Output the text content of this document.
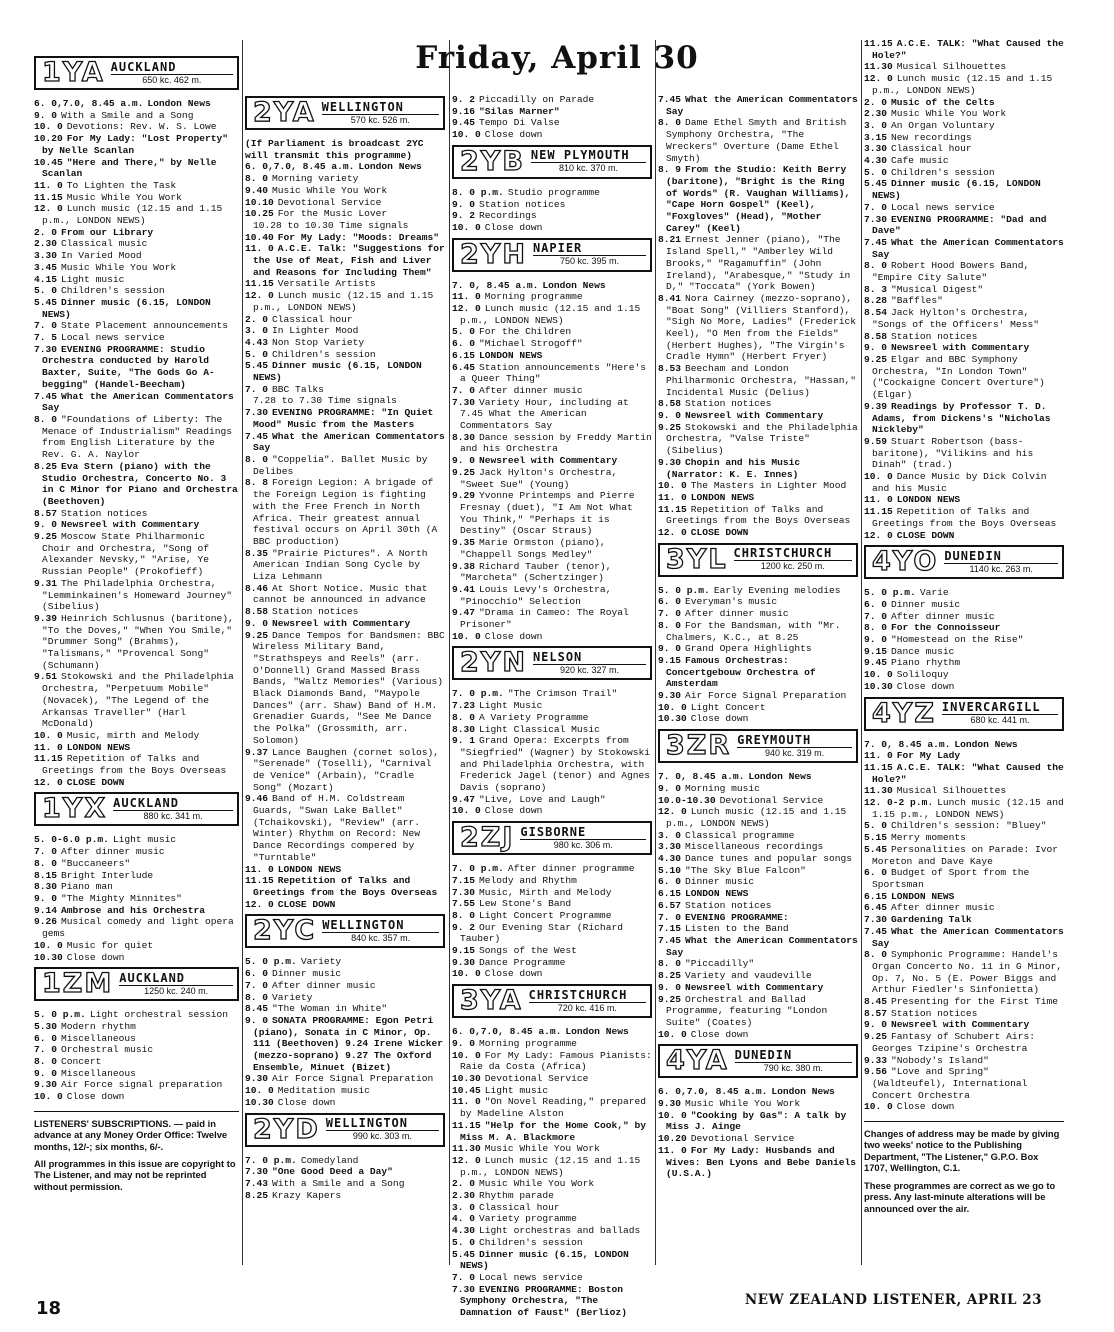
Friday, April 30
1YA AUCKLAND
650 kc. 462 m.
6. 0,7.0, 8.45 a.m. London News
9. 0 With a Smile and a Song
10. 0 Devotions: Rev. W. S. Lowe
10.20 For My Lady: "Lost Property" by Nelle Scanlan
10.45 "Here and There," by Nelle Scanlan
11. 0 To Lighten the Task
11.15 Music While You Work
12. 0 Lunch music (12.15 and 1.15 p.m., LONDON NEWS)
2. 0 From our Library
2.30 Classical music
3.30 In Varied Mood
3.45 Music While You Work
4.15 Light music
5. 0 Children's session
5.45 Dinner music (6.15, LONDON NEWS)
7. 0 State Placement announcements
7. 5 Local news service
7.30 EVENING PROGRAMME: Studio Orchestra conducted by Harold Baxter, Suite, "The Gods Go A-begging" (Handel-Beecham)
7.45 What the American Commentators Say
8. 0 "Foundations of Liberty: The Menace of Industrialism" Readings from English Literature by the Rev. G. A. Naylor
8.25 Eva Stern (piano) with the Studio Orchestra, Concerto No. 3 in C Minor for Piano and Orchestra (Beethoven)
8.57 Station notices
9. 0 Newsreel with Commentary
9.25 Moscow State Philharmonic Choir and Orchestra, "Song of Alexander Nevsky," "Arise, Ye Russian People" (Prokofieff)
9.31 The Philadelphia Orchestra, "Lemminkainen's Homeward Journey" (Sibelius)
9.39 Heinrich Schlusnus (baritone), "To the Doves," "When You Smile," "Drummer Song" (Brahms), "Talismans," "Provencal Song" (Schumann)
9.51 Stokowski and the Philadelphia Orchestra, "Perpetuum Mobile" (Novacek), "The Legend of the Arkansas Traveller" (Harl McDonald)
10. 0 Music, mirth and Melody
11. 0 LONDON NEWS
11.15 Repetition of Talks and Greetings from the Boys Overseas
12. 0 CLOSE DOWN
1YX AUCKLAND
880 kc. 341 m.
5. 0-6.0 p.m. Light music
7. 0 After dinner music
8. 0 "Buccaneers"
8.15 Bright Interlude
8.30 Piano man
9. 0 "The Mighty Minnites"
9.14 Ambrose and his Orchestra
9.26 Musical comedy and light opera gems
10. 0 Music for quiet
10.30 Close down
1ZM AUCKLAND
1250 kc. 240 m.
5. 0 p.m. Light orchestral session
5.30 Modern rhythm
6. 0 Miscellaneous
7. 0 Orchestral music
8. 0 Concert
9. 0 Miscellaneous
9.30 Air Force signal preparation
10. 0 Close down
LISTENERS' SUBSCRIPTIONS. — paid in advance at any Money Order Office: Twelve months, 12/-; six months, 6/-.
All programmes in this issue are copyright to The Listener, and may not be reprinted without permission.
2YA WELLINGTON
570 kc. 526 m.
(If Parliament is broadcast 2YC will transmit this programme)
6. 0,7.0, 8.45 a.m. London News
8. 0 Morning variety
9.40 Music While You Work
10.10 Devotional Service
10.25 For the Music Lover
10.28 to 10.30 Time signals
10.40 For My Lady: "Moods: Dreams"
11. 0 A.C.E. Talk: "Suggestions for the Use of Meat, Fish and Liver and Reasons for Including Them"
11.15 Versatile Artists
12. 0 Lunch music (12.15 and 1.15 p.m., LONDON NEWS)
2. 0 Classical hour
3. 0 In Lighter Mood
4.43 Non Stop Variety
5. 0 Children's session
5.45 Dinner music (6.15, LONDON NEWS)
7. 0 BBC Talks
7.28 to 7.30 Time signals
7.30 EVENING PROGRAMME: "In Quiet Mood" Music from the Masters
7.45 What the American Commentators Say
8. 0 "Coppelia". Ballet Music by Delibes
8. 8 Foreign Legion: A brigade of the Foreign Legion is fighting with the Free French in North Africa. Their greatest annual festival occurs on April 30th (A BBC production)
8.35 "Prairie Pictures". A North American Indian Song Cycle by Liza Lehmann
8.46 At Short Notice. Music that cannot be announced in advance
8.58 Station notices
9. 0 Newsreel with Commentary
9.25 Dance Tempos for Bandsmen: BBC Wireless Military Band, "Strathspeys and Reels" (arr. O'Donnell) Grand Massed Brass Bands, "Waltz Memories" (Various) Black Diamonds Band, "Maypole Dances" (arr. Shaw) Band of H.M. Grenadier Guards, "See Me Dance the Polka" (Grossmith, arr. Solomon)
9.37 Lance Baughen (cornet solos), "Serenade" (Toselli), "Carnival de Venice" (Arbain), "Cradle Song" (Mozart)
9.46 Band of H.M. Coldstream Guards, "Swan Lake Ballet" (Tchaikovski), "Review" (arr. Winter) Rhythm on Record: New Dance Recordings compered by "Turntable"
11. 0 LONDON NEWS
11.15 Repetition of Talks and Greetings from the Boys Overseas
12. 0 CLOSE DOWN
2YC WELLINGTON
840 kc. 357 m.
5. 0 p.m. Variety
6. 0 Dinner music
7. 0 After dinner music
8. 0 Variety
8.45 "The Woman in White"
9. 0 SONATA PROGRAMME: Egon Petri (piano), Sonata in C Minor, Op. 111 (Beethoven) 9.24 Irene Wicker (mezzo-soprano) 9.27 The Oxford Ensemble, Minuet (Bizet)
9.30 Air Force Signal Preparation
10. 0 Meditation music
10.30 Close down
2YD WELLINGTON
990 kc. 303 m.
7. 0 p.m. Comedyland
7.30 "One Good Deed a Day"
7.43 With a Smile and a Song
8.25 Krazy Kapers
9. 2 Piccadilly on Parade
9.16 "Silas Marner"
9.45 Tempo Di Valse
10. 0 Close down
2YB NEW PLYMOUTH
810 kc. 370 m.
8. 0 p.m. Studio programme
9. 0 Station notices
9. 2 Recordings
10. 0 Close down
2YH NAPIER
750 kc. 395 m.
7. 0, 8.45 a.m. London News
11. 0 Morning programme
12. 0 Lunch music (12.15 and 1.15 p.m., LONDON NEWS)
5. 0 For the Children
6. 0 "Michael Strogoff"
6.15 LONDON NEWS
6.45 Station announcements "Here's a Queer Thing"
7. 0 After dinner music
7.30 Variety Hour, including at 7.45 What the American Commentators Say
8.30 Dance session by Freddy Martin and his Orchestra
9. 0 Newsreel with Commentary
9.25 Jack Hylton's Orchestra, "Sweet Sue" (Young)
9.29 Yvonne Printemps and Pierre Fresnay (duet), "I Am Not What You Think," "Perhaps it is Destiny" (Oscar Straus)
9.35 Marie Ormston (piano), "Chappell Songs Medley"
9.38 Richard Tauber (tenor), "Marcheta" (Schertzinger)
9.41 Louis Levy's Orchestra, "Pinocchio" Selection
9.47 "Drama in Cameo: The Royal Prisoner"
10. 0 Close down
2YN NELSON
920 kc. 327 m.
7. 0 p.m. "The Crimson Trail"
7.23 Light Music
8. 0 A Variety Programme
8.30 Light Classical Music
9. 1 Grand Opera: Excerpts from "Siegfried" (Wagner) by Stokowski and Philadelphia Orchestra, with Frederick Jagel (tenor) and Agnes Davis (soprano)
9.47 "Live, Love and Laugh"
10. 0 Close down
2ZJ GISBORNE
980 kc. 306 m.
7. 0 p.m. After dinner programme
7.15 Melody and Rhythm
7.30 Music, Mirth and Melody
7.55 Lew Stone's Band
8. 0 Light Concert Programme
9. 2 Our Evening Star (Richard Tauber)
9.15 Songs of the West
9.30 Dance Programme
10. 0 Close down
3YA CHRISTCHURCH
720 kc. 416 m.
6. 0,7.0, 8.45 a.m. London News
9. 0 Morning programme
10. 0 For My Lady: Famous Pianists: Raie da Costa (Africa)
10.30 Devotional Service
10.45 Light music
11. 0 "On Novel Reading," prepared by Madeline Alston
11.15 "Help for the Home Cook," by Miss M. A. Blackmore
11.30 Music While You Work
12. 0 Lunch music (12.15 and 1.15 p.m., LONDON NEWS)
2. 0 Music While You Work
2.30 Rhythm parade
3. 0 Classical hour
4. 0 Variety programme
4.30 Light orchestras and ballads
5. 0 Children's session
5.45 Dinner music (6.15, LONDON NEWS)
7. 0 Local news service
7.30 EVENING PROGRAMME: Boston Symphony Orchestra, "The Damnation of Faust" (Berlioz)
7.45 What the American Commentators Say
8. 0 Dame Ethel Smyth and British Symphony Orchestra, "The Wreckers" Overture (Dame Ethel Smyth)
8. 9 From the Studio: Keith Berry (baritone), "Bright is the Ring of Words" (R. Vaughan Williams), "Cape Horn Gospel" (Keel), "Foxgloves" (Head), "Mother Carey" (Keel)
8.21 Ernest Jenner (piano), "The Island Spell," "Amberley Wild Brooks," "Ragamuffin" (John Ireland), "Arabesque," "Study in D," "Toccata" (York Bowen)
8.41 Nora Cairney (mezzo-soprano), "Boat Song" (Villiers Stanford), "Sigh No More, Ladies" (Frederick Keel), "O Men from the Fields" (Herbert Hughes), "The Virgin's Cradle Hymn" (Herbert Fryer)
8.53 Beecham and London Philharmonic Orchestra, "Hassan," Incidental Music (Delius)
8.58 Station notices
9. 0 Newsreel with Commentary
9.25 Stokowski and the Philadelphia Orchestra, "Valse Triste" (Sibelius)
9.30 Chopin and his Music (Narrator: K. E. Innes)
10. 0 The Masters in Lighter Mood
11. 0 LONDON NEWS
11.15 Repetition of Talks and Greetings from the Boys Overseas
12. 0 CLOSE DOWN
3YL CHRISTCHURCH
1200 kc. 250 m.
5. 0 p.m. Early Evening melodies
6. 0 Everyman's music
7. 0 After dinner music
8. 0 For the Bandsman, with "Mr. Chalmers, K.C., at 8.25
9. 0 Grand Opera Highlights
9.15 Famous Orchestras: Concertgebouw Orchestra of Amsterdam
9.30 Air Force Signal Preparation
10. 0 Light Concert
10.30 Close down
3ZR GREYMOUTH
940 kc. 319 m.
7. 0, 8.45 a.m. London News
9. 0 Morning music
10.0-10.30 Devotional Service
12. 0 Lunch music (12.15 and 1.15 p.m., LONDON NEWS)
3. 0 Classical programme
3.30 Miscellaneous recordings
4.30 Dance tunes and popular songs
5.10 "The Sky Blue Falcon"
6. 0 Dinner music
6.15 LONDON NEWS
6.57 Station notices
7. 0 EVENING PROGRAMME:
7.15 Listen to the Band
7.45 What the American Commentators Say
8. 0 "Piccadilly"
8.25 Variety and vaudeville
9. 0 Newsreel with Commentary
9.25 Orchestral and Ballad Programme, featuring "London Suite" (Coates)
10. 0 Close down
4YA DUNEDIN
790 kc. 380 m.
6. 0,7.0, 8.45 a.m. London News
9.30 Music While You Work
10. 0 "Cooking by Gas": A talk by Miss J. Ainge
10.20 Devotional Service
11. 0 For My Lady: Husbands and Wives: Ben Lyons and Bebe Daniels (U.S.A.)
11.15 A.C.E. TALK: "What Caused the Hole?"
11.30 Musical Silhouettes
12. 0 Lunch music (12.15 and 1.15 p.m., LONDON NEWS)
2. 0 Music of the Celts
2.30 Music While You Work
3. 0 An Organ Voluntary
3.15 New recordings
3.30 Classical hour
4.30 Cafe music
5. 0 Children's session
5.45 Dinner music (6.15, LONDON NEWS)
7. 0 Local news service
7.30 EVENING PROGRAMME: "Dad and Dave"
7.45 What the American Commentators Say
8. 0 Robert Hood Bowers Band, "Empire City Salute"
8. 3 "Musical Digest"
8.28 "Baffles"
8.54 Jack Hylton's Orchestra, "Songs of the Officers' Mess"
8.58 Station notices
9. 0 Newsreel with Commentary
9.25 Elgar and BBC Symphony Orchestra, "In London Town" ("Cockaigne Concert Overture") (Elgar)
9.39 Readings by Professor T. D. Adams, from Dickens's "Nicholas Nickleby"
9.59 Stuart Robertson (bass-baritone), "Vilikins and his Dinah" (trad.)
10. 0 Dance Music by Dick Colvin and his Music
11. 0 LONDON NEWS
11.15 Repetition of Talks and Greetings from the Boys Overseas
12. 0 CLOSE DOWN
4YO DUNEDIN
1140 kc. 263 m.
5. 0 p.m. Varie
6. 0 Dinner music
7. 0 After dinner music
8. 0 For the Connoisseur
9. 0 "Homestead on the Rise"
9.15 Dance music
9.45 Piano rhythm
10. 0 Soliloquy
10.30 Close down
4YZ INVERCARGILL
680 kc. 441 m.
7. 0, 8.45 a.m. London News
11. 0 For My Lady
11.15 A.C.E. TALK: "What Caused the Hole?"
11.30 Musical Silhouettes
12. 0-2 p.m. Lunch music (12.15 and 1.15 p.m., LONDON NEWS)
5. 0 Children's session: "Bluey"
5.15 Merry moments
5.45 Personalities on Parade: Ivor Moreton and Dave Kaye
6. 0 Budget of Sport from the Sportsman
6.15 LONDON NEWS
6.45 After dinner music
7.30 Gardening Talk
7.45 What the American Commentators Say
8. 0 Symphonic Programme: Handel's Organ Concerto No. 11 in G Minor, Op. 7, No. 5 (E. Power Biggs and Arthur Fiedler's Sinfonietta)
8.45 Presenting for the First Time
8.57 Station notices
9. 0 Newsreel with Commentary
9.25 Fantasy of Schubert Airs: Georges Tzipine's Orchestra
9.33 "Nobody's Island"
9.56 "Love and Spring" (Waldteufel), International Concert Orchestra
10. 0 Close down
Changes of address may be made by giving two weeks' notice to the Publishing Department, "The Listener," G.P.O. Box 1707, Wellington, C.1.
These programmes are correct as we go to press. Any last-minute alterations will be announced over the air.
18	NEW ZEALAND LISTENER, APRIL 23
